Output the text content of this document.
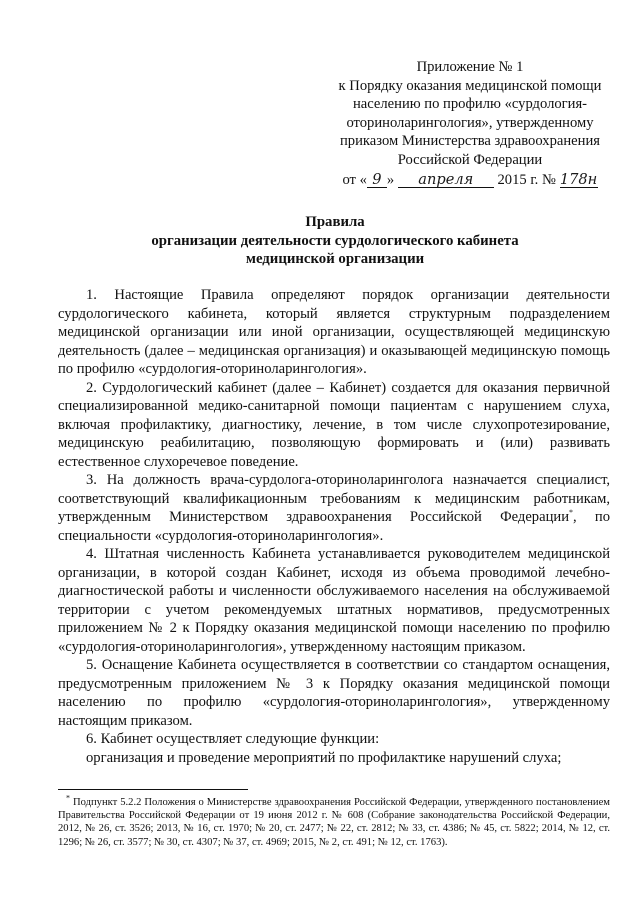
Приложение № 1
к Порядку оказания медицинской помощи
населению по профилю «сурдология-
оториноларингология», утвержденному
приказом Министерства здравоохранения
Российской Федерации
от « 9 » апреля 2015 г. № 178н
Правила
организации деятельности сурдологического кабинета
медицинской организации

1. Настоящие Правила определяют порядок организации деятельности сурдологического кабинета, который является структурным подразделением медицинской организации или иной организации, осуществляющей медицинскую деятельность (далее – медицинская организация) и оказывающей медицинскую помощь по профилю «сурдология-оториноларингология».

2. Сурдологический кабинет (далее – Кабинет) создается для оказания первичной специализированной медико-санитарной помощи пациентам с нарушением слуха, включая профилактику, диагностику, лечение, в том числе слухопротезирование, медицинскую реабилитацию, позволяющую формировать и (или) развивать естественное слухоречевое поведение.

3. На должность врача-сурдолога-оториноларинголога назначается специалист, соответствующий квалификационным требованиям к медицинским работникам, утвержденным Министерством здравоохранения Российской Федерации*, по специальности «сурдология-оториноларингология».

4. Штатная численность Кабинета устанавливается руководителем медицинской организации, в которой создан Кабинет, исходя из объема проводимой лечебно-диагностической работы и численности обслуживаемого населения на обслуживаемой территории с учетом рекомендуемых штатных нормативов, предусмотренных приложением № 2 к Порядку оказания медицинской помощи населению по профилю «сурдология-оториноларингология», утвержденному настоящим приказом.

5. Оснащение Кабинета осуществляется в соответствии со стандартом оснащения, предусмотренным приложением № 3 к Порядку оказания медицинской помощи населению по профилю «сурдология-оториноларингология», утвержденному настоящим приказом.

6. Кабинет осуществляет следующие функции:

организация и проведение мероприятий по профилактике нарушений слуха;

* Подпункт 5.2.2 Положения о Министерстве здравоохранения Российской Федерации, утвержденного постановлением Правительства Российской Федерации от 19 июня 2012 г. № 608 (Собрание законодательства Российской Федерации, 2012, № 26, ст. 3526; 2013, № 16, ст. 1970; № 20, ст. 2477; № 22, ст. 2812; № 33, ст. 4386; № 45, ст. 5822; 2014, № 12, ст. 1296; № 26, ст. 3577; № 30, ст. 4307; № 37, ст. 4969; 2015, № 2, ст. 491; № 12, ст. 1763).
